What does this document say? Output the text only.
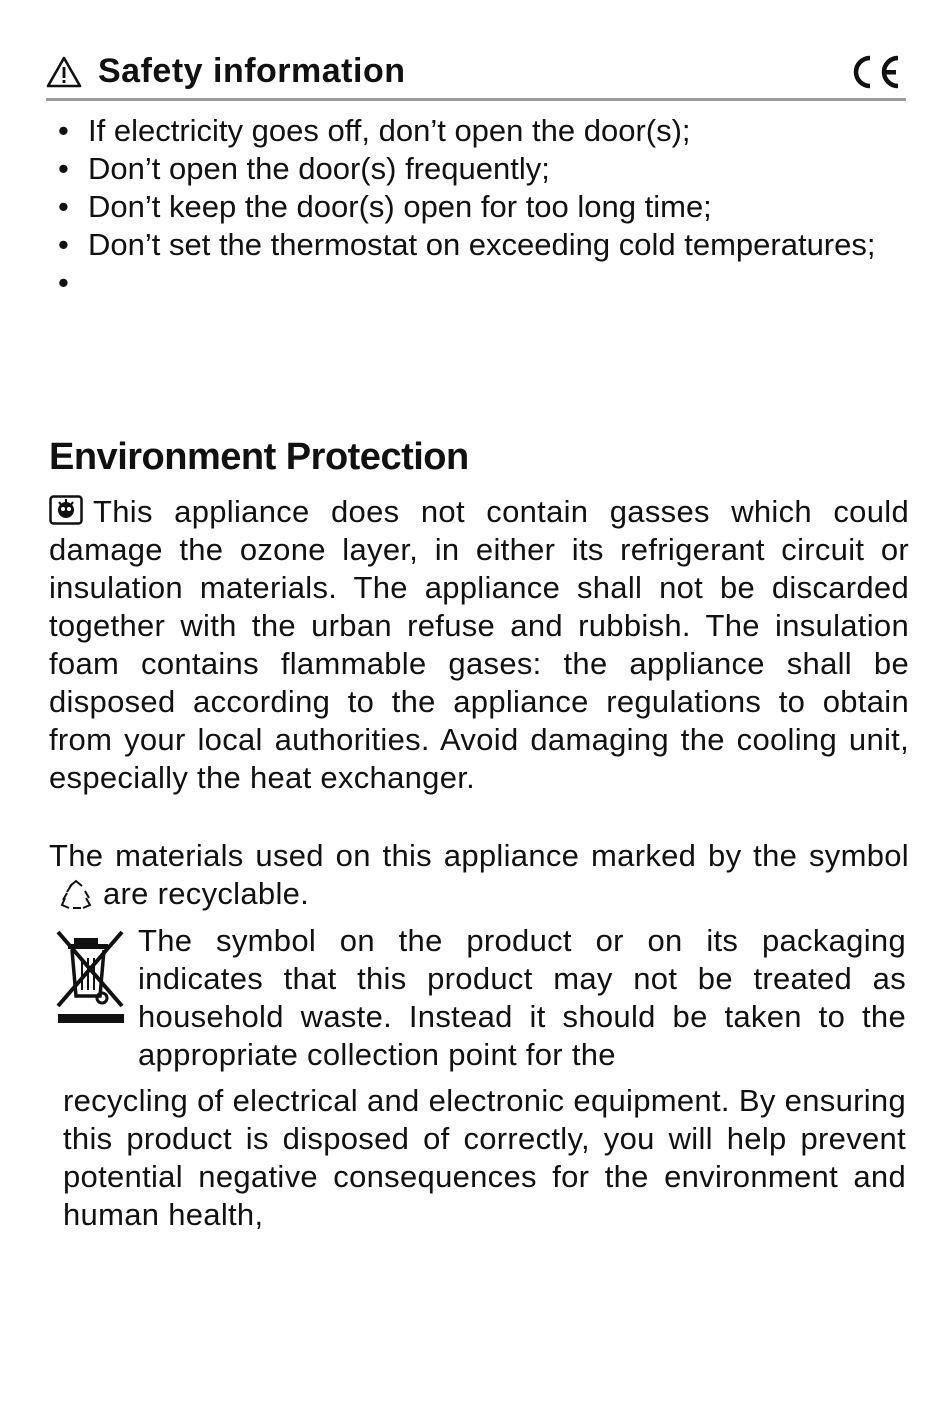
Safety information
• If electricity goes off, don’t open the door(s);
• Don’t open the door(s) frequently;
• Don’t keep the door(s) open for too long time;
• Don’t set the thermostat on exceeding cold temperatures;
•
Environment Protection
This appliance does not contain gasses which could damage the ozone layer, in either its refrigerant circuit or insulation materials. The appliance shall not be discarded together with the urban refuse and rubbish. The insulation foam contains flammable gases: the appliance shall be disposed according to the appliance regulations to obtain from your local authorities. Avoid damaging the cooling unit, especially the heat exchanger.
The materials used on this appliance marked by the symbolare recyclable.
The symbol on the product or on its packaging indicates that this product may not be treated as household waste. Instead it should be taken to the appropriate collection point for the
recycling of electrical and electronic equipment. By ensuring this product is disposed of correctly, you will help prevent potential negative consequences for the environment and human health,
